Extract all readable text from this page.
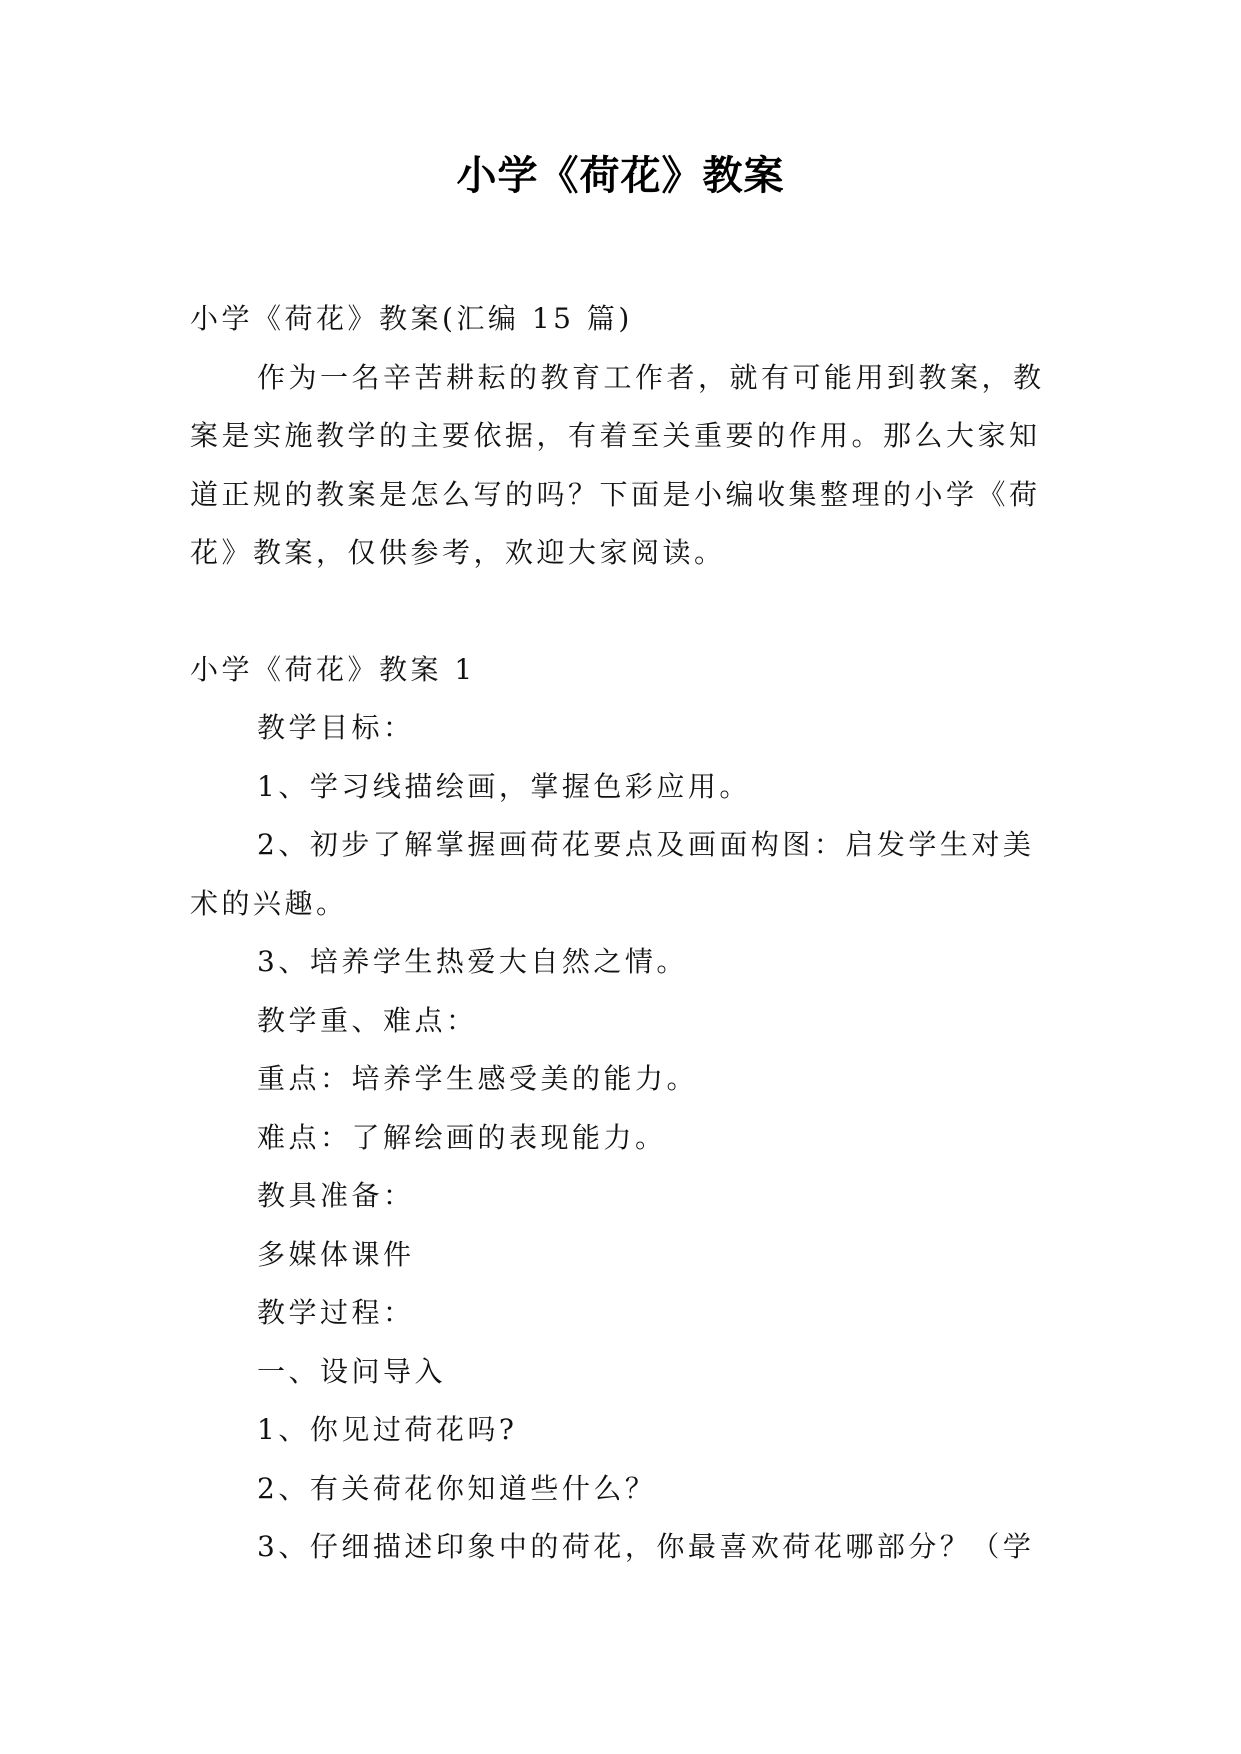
小学《荷花》教案

小学《荷花》教案(汇编 15 篇)

作为一名辛苦耕耘的教育工作者，就有可能用到教案，教案是实施教学的主要依据，有着至关重要的作用。那么大家知道正规的教案是怎么写的吗？下面是小编收集整理的小学《荷花》教案，仅供参考，欢迎大家阅读。

小学《荷花》教案 1

教学目标：

1、学习线描绘画，掌握色彩应用。

2、初步了解掌握画荷花要点及画面构图：启发学生对美术的兴趣。

3、培养学生热爱大自然之情。

教学重、难点：

重点：培养学生感受美的能力。

难点：了解绘画的表现能力。

教具准备：

多媒体课件

教学过程：

一、设问导入

1、你见过荷花吗?

2、有关荷花你知道些什么？

3、仔细描述印象中的荷花，你最喜欢荷花哪部分？（学
